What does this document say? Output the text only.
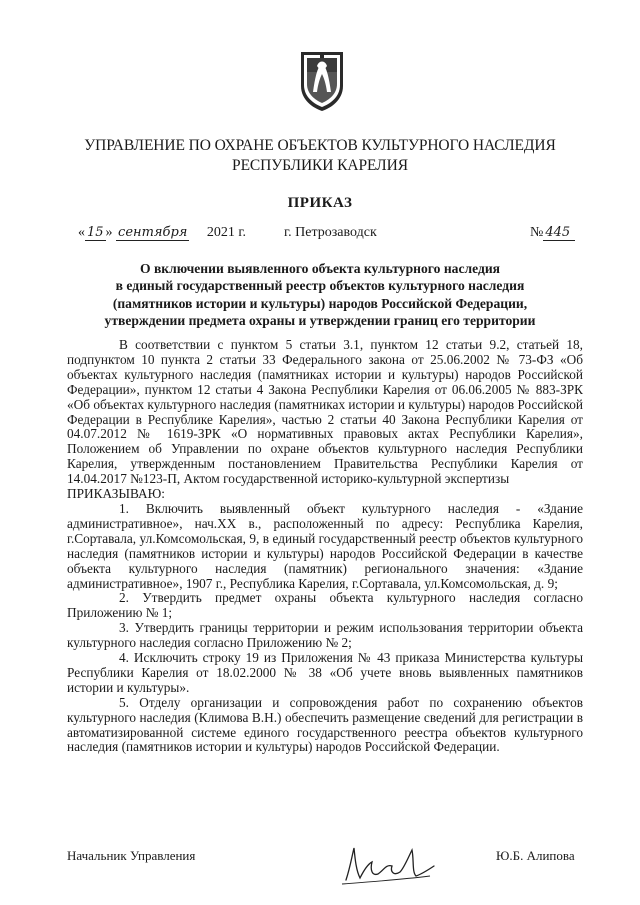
УПРАВЛЕНИЕ ПО ОХРАНЕ ОБЪЕКТОВ КУЛЬТУРНОГО НАСЛЕДИЯ
РЕСПУБЛИКИ КАРЕЛИЯ
ПРИКАЗ
« 15 » сентября 2021 г.	г. Петрозаводск	№ 445
О включении выявленного объекта культурного наследия
в единый государственный реестр объектов культурного наследия
(памятников истории и культуры) народов Российской Федерации,
утверждении предмета охраны и утверждении границ его территории

В соответствии с пунктом 5 статьи 3.1, пунктом 12 статьи 9.2, статьей 18, подпунктом 10 пункта 2 статьи 33 Федерального закона от 25.06.2002 № 73-ФЗ «Об объектах культурного наследия (памятниках истории и культуры) народов Российской Федерации», пунктом 12 статьи 4 Закона Республики Карелия от 06.06.2005 № 883-ЗРК «Об объектах культурного наследия (памятниках истории и культуры) народов Российской Федерации в Республике Карелия», частью 2 статьи 40 Закона Республики Карелия от 04.07.2012 № 1619-ЗРК «О нормативных правовых актах Республики Карелия», Положением об Управлении по охране объектов культурного наследия Республики Карелия, утвержденным постановлением Правительства Республики Карелия от 14.04.2017 №123-П, Актом государственной историко-культурной экспертизы

ПРИКАЗЫВАЮ:

1. Включить выявленный объект культурного наследия - «Здание административное», нач.XX в., расположенный по адресу: Республика Карелия, г.Сортавала, ул.Комсомольская, 9, в единый государственный реестр объектов культурного наследия (памятников истории и культуры) народов Российской Федерации в качестве объекта культурного наследия (памятник) регионального значения: «Здание административное», 1907 г., Республика Карелия, г.Сортавала, ул.Комсомольская, д. 9;

2. Утвердить предмет охраны объекта культурного наследия согласно Приложению № 1;

3. Утвердить границы территории и режим использования территории объекта культурного наследия согласно Приложению № 2;

4. Исключить строку 19 из Приложения № 43 приказа Министерства культуры Республики Карелия от 18.02.2000 № 38 «Об учете вновь выявленных памятников истории и культуры».

5. Отделу организации и сопровождения работ по сохранению объектов культурного наследия (Климова В.Н.) обеспечить размещение сведений для регистрации в автоматизированной системе единого государственного реестра объектов культурного наследия (памятников истории и культуры) народов Российской Федерации.

Начальник Управления	Ю.Б. Алипова
